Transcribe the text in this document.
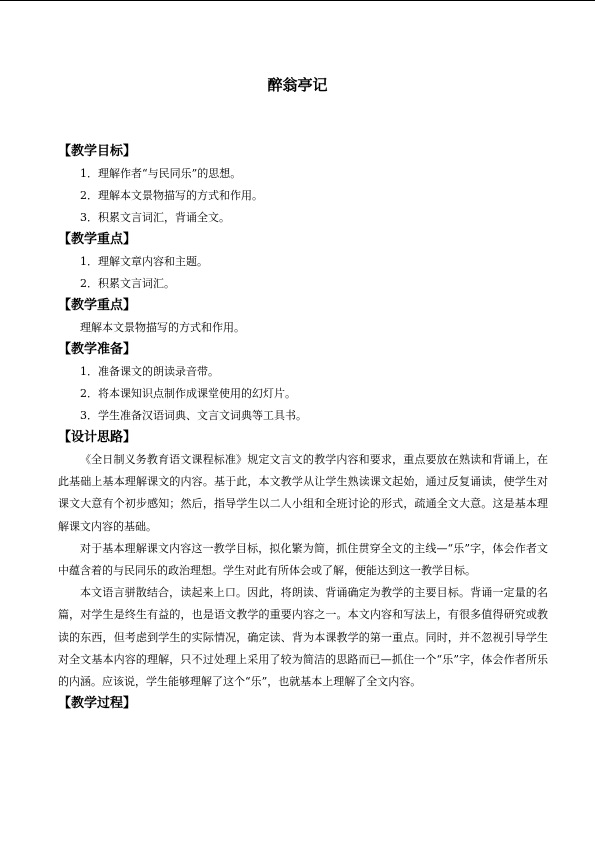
醉翁亭记
【教学目标】
1．理解作者“与民同乐”的思想。
2．理解本文景物描写的方式和作用。
3．积累文言词汇，背诵全文。
【教学重点】
1．理解文章内容和主题。
2．积累文言词汇。
【教学重点】
理解本文景物描写的方式和作用。
【教学准备】
1．准备课文的朗读录音带。
2．将本课知识点制作成课堂使用的幻灯片。
3．学生准备汉语词典、文言文词典等工具书。
【设计思路】
《全日制义务教育语文课程标准》规定文言文的教学内容和要求，重点要放在熟读和背诵上，在此基础上基本理解课文的内容。基于此，本文教学从让学生熟读课文起始，通过反复诵读，使学生对课文大意有个初步感知；然后，指导学生以二人小组和全班讨论的形式，疏通全文大意。这是基本理解课文内容的基础。
对于基本理解课文内容这一教学目标，拟化繁为简，抓住贯穿全文的主线—“乐”字，体会作者文中蕴含着的与民同乐的政治理想。学生对此有所体会或了解，便能达到这一教学目标。
本文语言骈散结合，读起来上口。因此，将朗读、背诵确定为教学的主要目标。背诵一定量的名篇，对学生是终生有益的，也是语文教学的重要内容之一。本文内容和写法上，有很多值得研究或教读的东西，但考虑到学生的实际情况，确定读、背为本课教学的第一重点。同时，并不忽视引导学生对全文基本内容的理解，只不过处理上采用了较为简洁的思路而已—抓住一个“乐”字，体会作者所乐的内涵。应该说，学生能够理解了这个“乐”，也就基本上理解了全文内容。
【教学过程】
